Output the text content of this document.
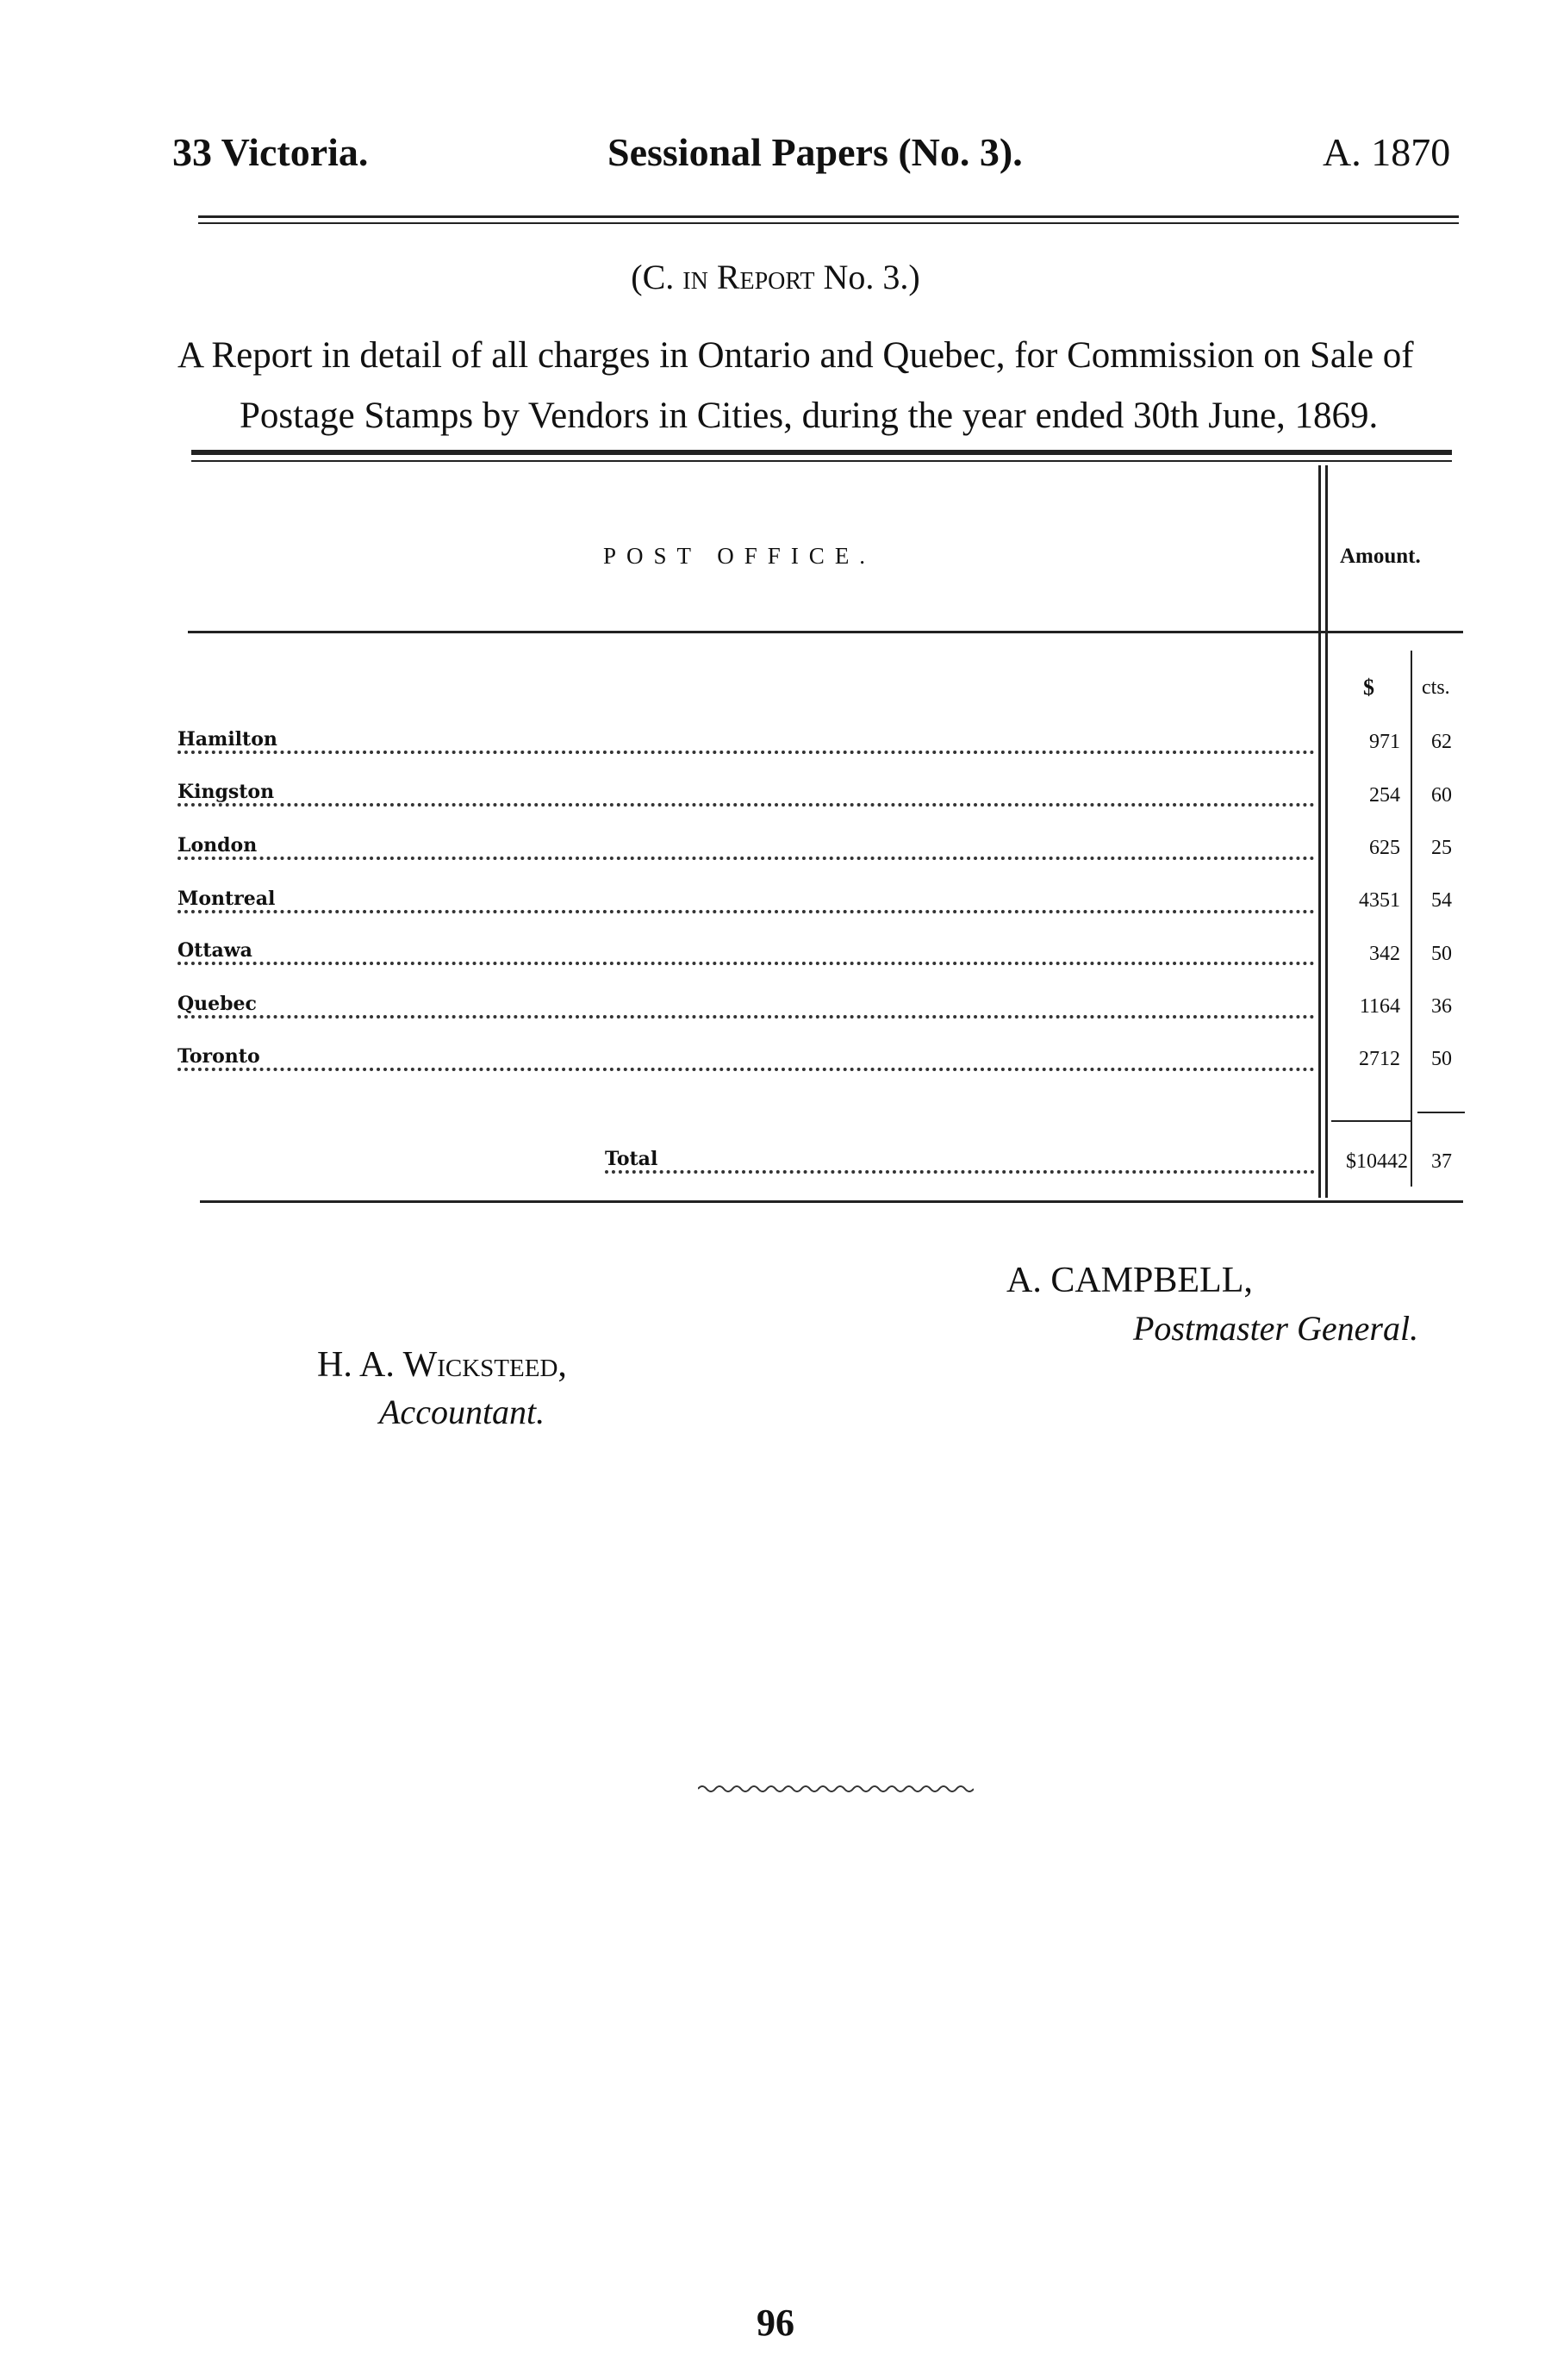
33 Victoria.	Sessional Papers (No. 3).	A. 1870
(C. in Report No. 3.)
A Report in detail of all charges in Ontario and Quebec, for Commission on Sale of
Postage Stamps by Vendors in Cities, during the year ended 30th June, 1869.
POST OFFICE.	Amount.
$ cts.
Hamilton	971	62
Kingston	254	60
London	625	25
Montreal	4351	54
Ottawa	342	50
Quebec	1164	36
Toronto	2712	50
Total	$10442	37
A. CAMPBELL,
Postmaster General.
H. A. Wicksteed,
Accountant.
96
